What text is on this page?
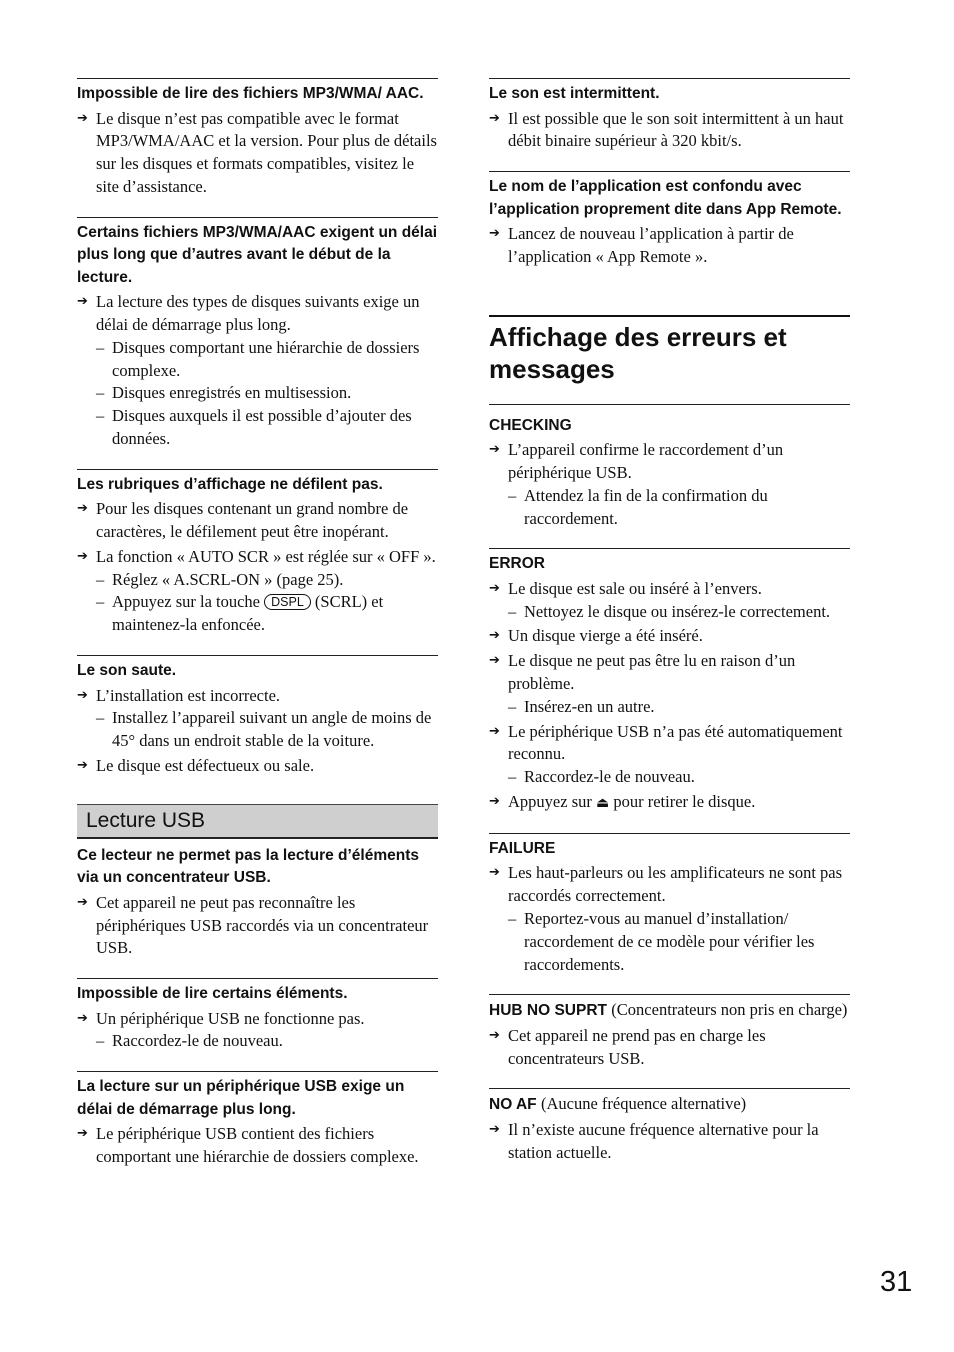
Impossible de lire des fichiers MP3/WMA/ AAC.
➔ Le disque n’est pas compatible avec le format MP3/WMA/AAC et la version. Pour plus de détails sur les disques et formats compatibles, visitez le site d’assistance.
Certains fichiers MP3/WMA/AAC exigent un délai plus long que d’autres avant le début de la lecture.
➔ La lecture des types de disques suivants exige un délai de démarrage plus long.
– Disques comportant une hiérarchie de dossiers complexe.
– Disques enregistrés en multisession.
– Disques auxquels il est possible d’ajouter des données.
Les rubriques d’affichage ne défilent pas.
➔ Pour les disques contenant un grand nombre de caractères, le défilement peut être inopérant.
➔ La fonction « AUTO SCR » est réglée sur « OFF ».
– Réglez « A.SCRL-ON » (page 25).
– Appuyez sur la touche DSPL (SCRL) et maintenez-la enfoncée.
Le son saute.
➔ L’installation est incorrecte.
– Installez l’appareil suivant un angle de moins de 45° dans un endroit stable de la voiture.
➔ Le disque est défectueux ou sale.
Lecture USB
Ce lecteur ne permet pas la lecture d’éléments via un concentrateur USB.
➔ Cet appareil ne peut pas reconnaître les périphériques USB raccordés via un concentrateur USB.
Impossible de lire certains éléments.
➔ Un périphérique USB ne fonctionne pas.
– Raccordez-le de nouveau.
La lecture sur un périphérique USB exige un délai de démarrage plus long.
➔ Le périphérique USB contient des fichiers comportant une hiérarchie de dossiers complexe.
Le son est intermittent.
➔ Il est possible que le son soit intermittent à un haut débit binaire supérieur à 320 kbit/s.
Le nom de l’application est confondu avec l’application proprement dite dans App Remote.
➔ Lancez de nouveau l’application à partir de l’application « App Remote ».
Affichage des erreurs et messages
CHECKING
➔ L’appareil confirme le raccordement d’un périphérique USB.
– Attendez la fin de la confirmation du raccordement.
ERROR
➔ Le disque est sale ou inséré à l’envers.
– Nettoyez le disque ou insérez-le correctement.
➔ Un disque vierge a été inséré.
➔ Le disque ne peut pas être lu en raison d’un problème.
– Insérez-en un autre.
➔ Le périphérique USB n’a pas été automatiquement reconnu.
– Raccordez-le de nouveau.
➔ Appuyez sur ⏏ pour retirer le disque.
FAILURE
➔ Les haut-parleurs ou les amplificateurs ne sont pas raccordés correctement.
– Reportez-vous au manuel d’installation/ raccordement de ce modèle pour vérifier les raccordements.
HUB NO SUPRT (Concentrateurs non pris en charge)
➔ Cet appareil ne prend pas en charge les concentrateurs USB.
NO AF (Aucune fréquence alternative)
➔ Il n’existe aucune fréquence alternative pour la station actuelle.
31
